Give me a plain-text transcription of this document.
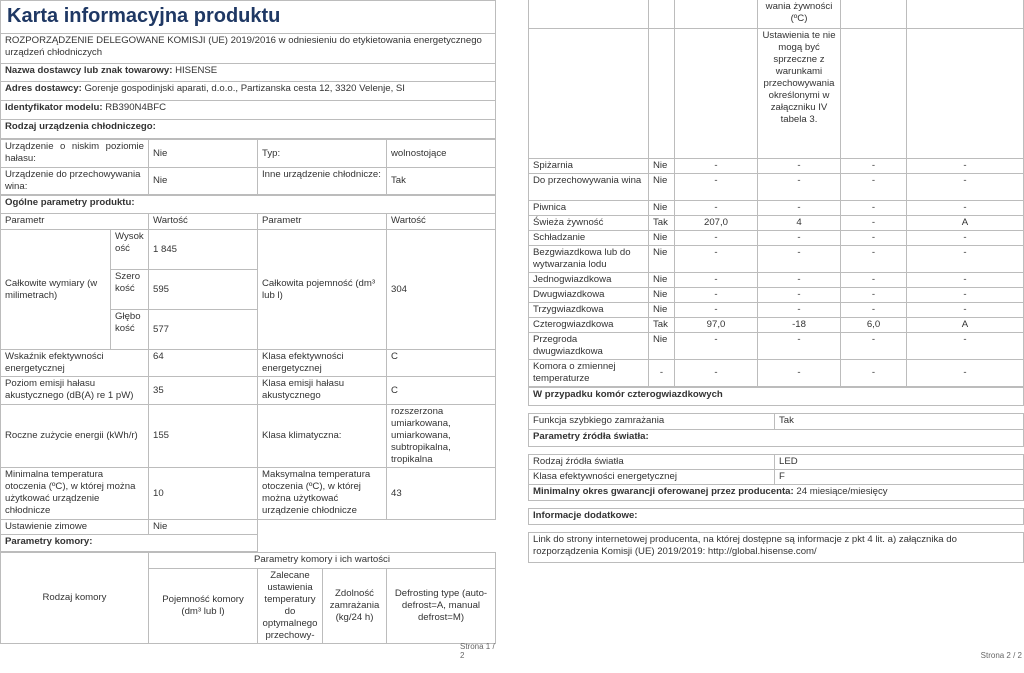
Karta informacyjna produktu
ROZPORZĄDZENIE DELEGOWANE KOMISJI (UE) 2019/2016 w odniesieniu do etykietowania energetycznego urządzeń chłodniczych
Nazwa dostawcy lub znak towarowy: HISENSE
Adres dostawcy: Gorenje gospodinjski aparati, d.o.o., Partizanska cesta 12, 3320 Velenje, SI
Identyfikator modelu: RB390N4BFC
Rodzaj urządzenia chłodniczego:
Urządzenie o niskim poziomie hałasu:	Nie	Typ:	wolnostojące
Urządzenie do przechowywania wina:	Nie	Inne urządzenie chłodnicze:	Tak
Ogólne parametry produktu:				
Parametr		Wartość	Parametr	Wartość
Całkowite wymiary (w milimetrach)	Wysokość	1 845	Całkowita pojemność (dm³ lub l)	304
	Szerokość	595		
	Głębokość	577		
Wskaźnik efektywności energetycznej		64	Klasa efektywności energetycznej	C
Poziom emisji hałasu akustycznego (dB(A) re 1 pW)		35	Klasa emisji hałasu akustycznego	C
Roczne zużycie energii (kWh/r)		155	Klasa klimatyczna:	rozszerzona umiarkowana, umiarkowana, subtropikalna, tropikalna
Minimalna temperatura otoczenia (ºC), w której można użytkować urządzenie chłodnicze		10	Maksymalna temperatura otoczenia (ºC), w której można użytkować urządzenie chłodnicze	43
Ustawienie zimowe		Nie		
Parametry komory:				
Rodzaj komory	Parametry komory i ich wartości			
	Pojemność komory (dm³ lub l)	Zalecane ustawienia temperatury do optymalnego przechowy-	Zdolność zamrażania (kg/24 h)	Defrosting type (auto-defrost=A, manual defrost=M)
Strona 1 / 2
			wania żywności (ºC)		
			Ustawienia te nie mogą być sprzeczne z warunkami przechowywania określonymi w załączniku IV tabela 3.		
Spiżarnia	Nie	-	-	-	-
Do przechowywania wina	Nie	-	-	-	-
Piwnica	Nie	-	-	-	-
Świeża żywność	Tak	207,0	4	-	A
Schładzanie	Nie	-	-	-	-
Bezgwiazdkowa lub do wytwarzania lodu	Nie	-	-	-	-
Jednogwiazdkowa	Nie	-	-	-	-
Dwugwiazdkowa	Nie	-	-	-	-
Trzygwiazdkowa	Nie	-	-	-	-
Czterogwiazdkowa	Tak	97,0	-18	6,0	A
Przegroda dwugwiazdkowa	Nie	-	-	-	-
Komora o zmiennej temperaturze	-	-	-	-	-
W przypadku komór czterogwiazdkowych	

Funkcja szybkiego zamrażania	Tak
Parametry źródła światła:	

Rodzaj źródła światła	LED
Klasa efektywności energetycznej	F
Minimalny okres gwarancji oferowanej przez producenta: 24 miesiące/miesięcy	

Informacje dodatkowe:	

Link do strony internetowej producenta, na której dostępne są informacje z pkt 4 lit. a) załącznika do rozporządzenia Komisji (UE) 2019/2019: http://global.hisense.com/	
Strona 2 / 2
